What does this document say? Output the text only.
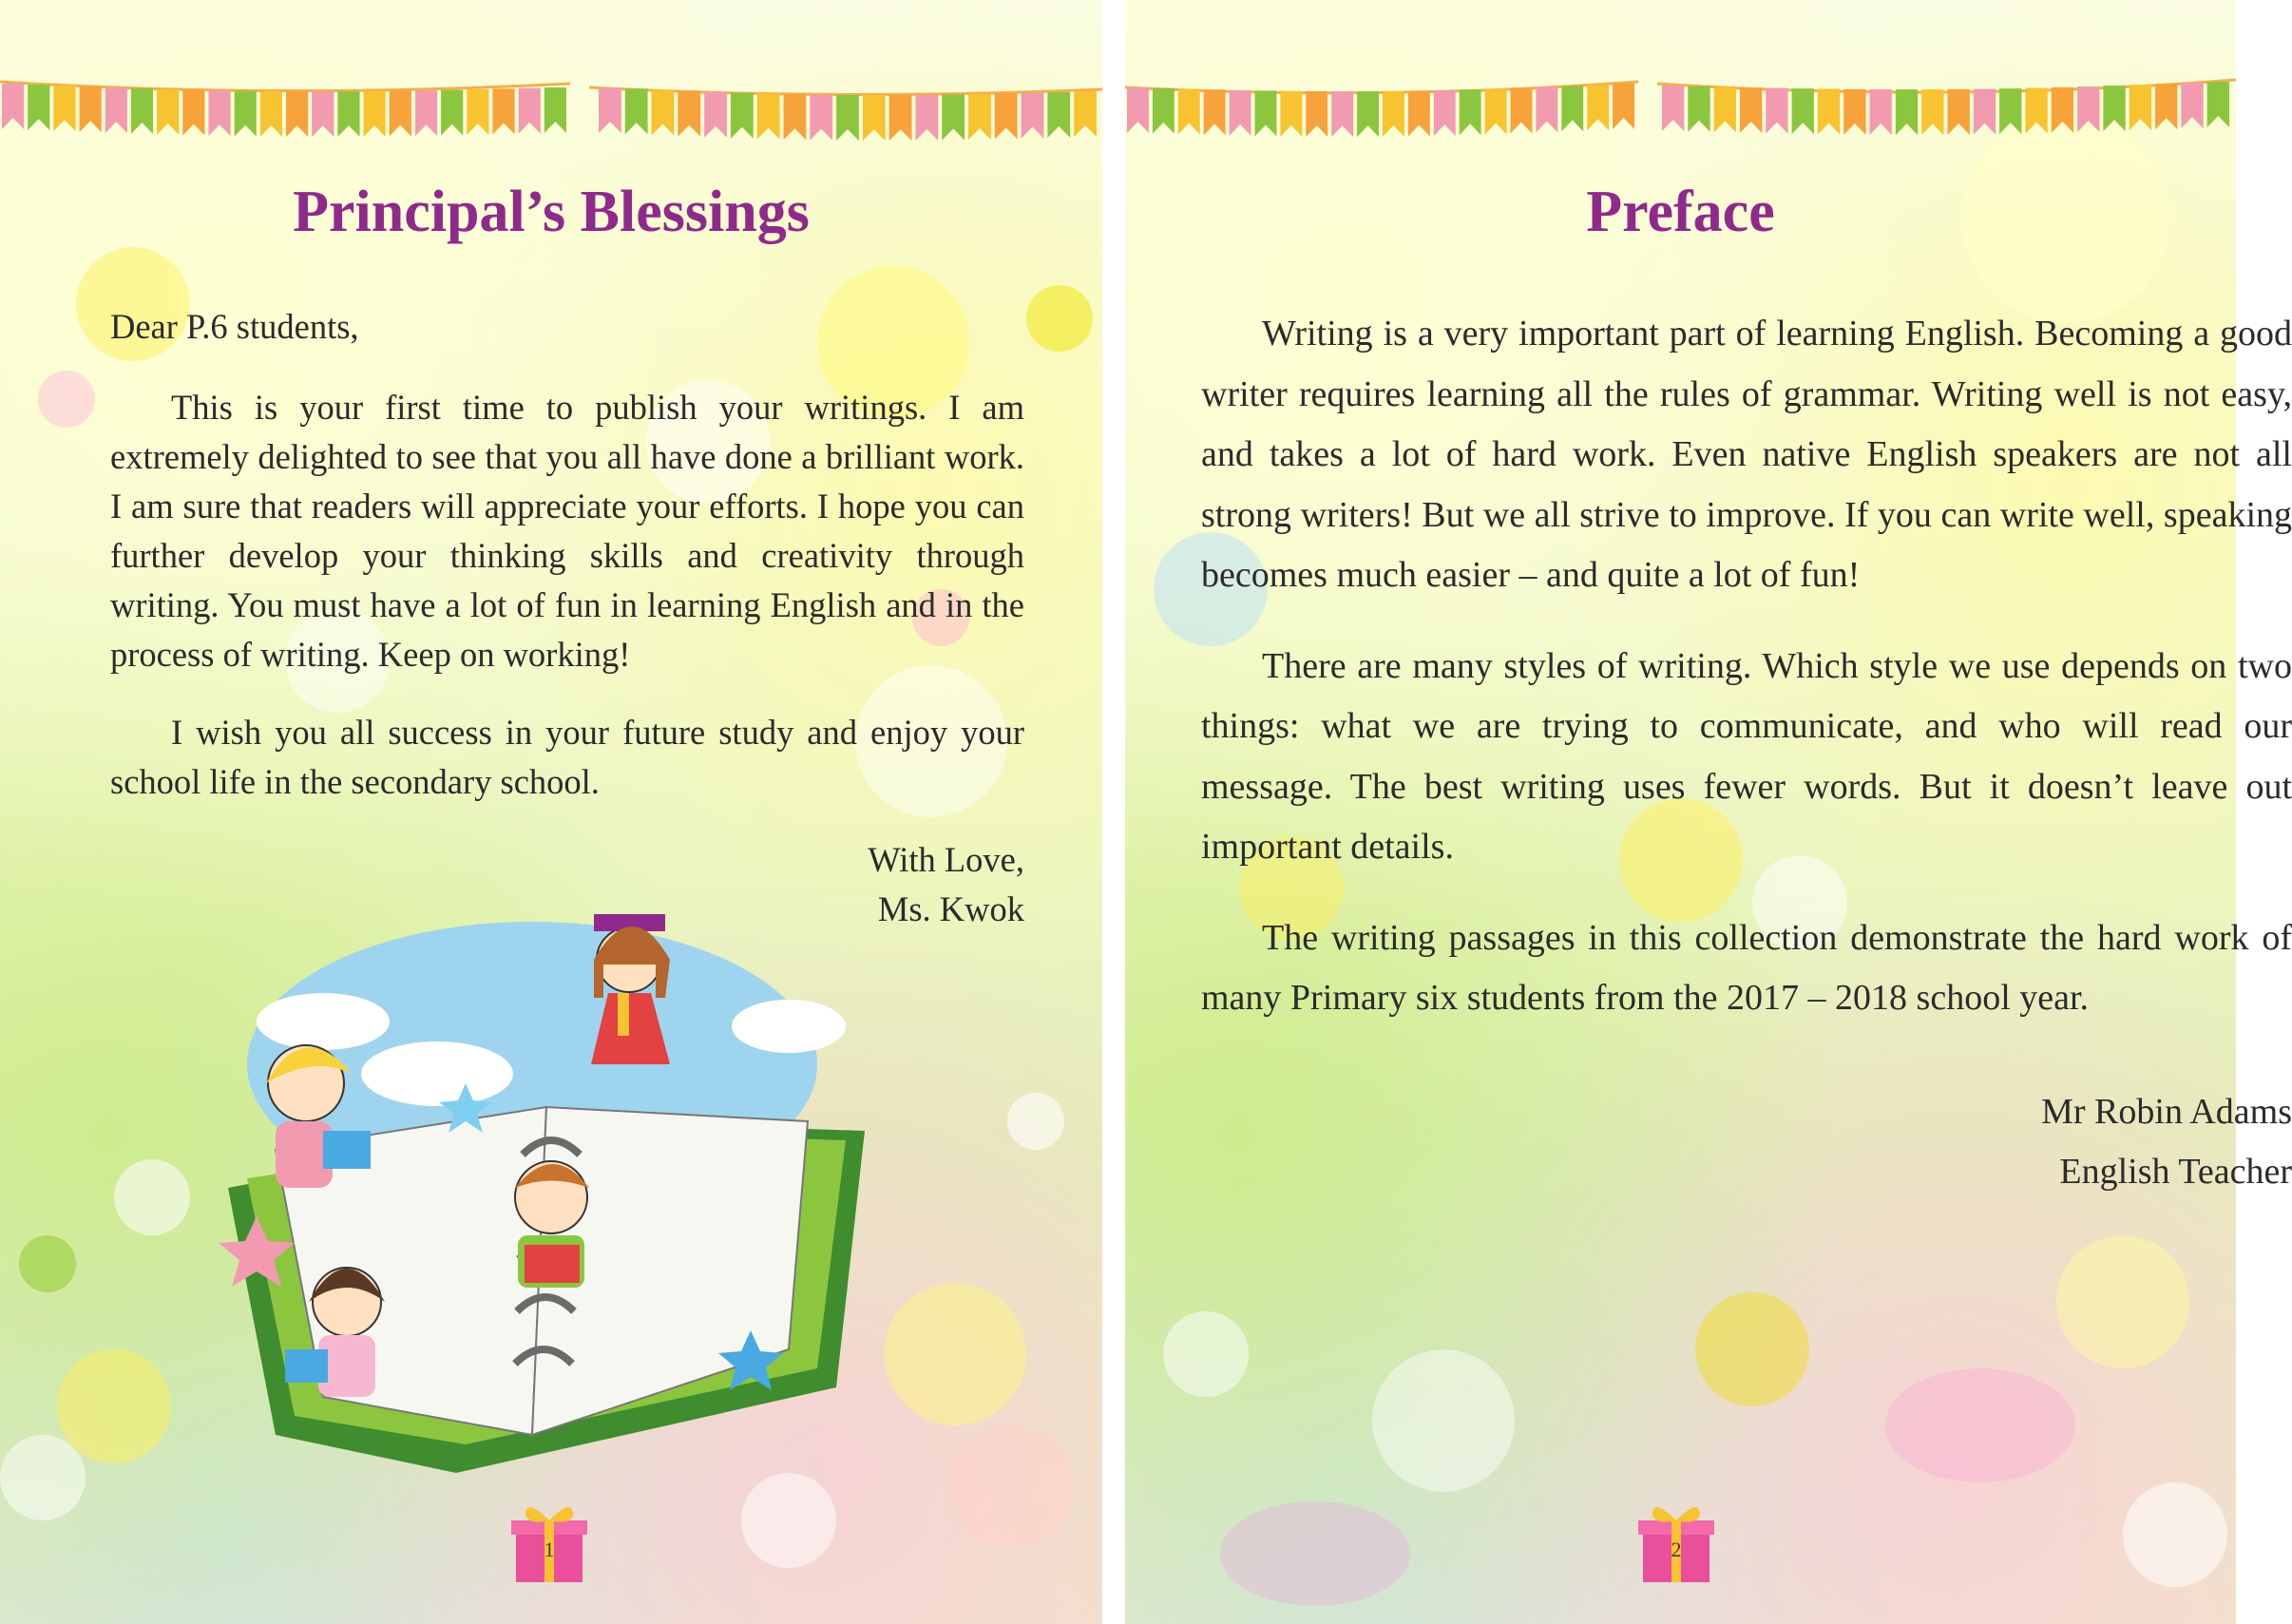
Principal’s Blessings

Dear P.6 students,

This is your first time to publish your writings. I am extremely delighted to see that you all have done a brilliant work. I am sure that readers will appreciate your efforts. I hope you can further develop your thinking skills and creativity through writing. You must have a lot of fun in learning English and in the process of writing. Keep on working!

I wish you all success in your future study and enjoy your school life in the secondary school.

With Love,

Ms. Kwok

1
Preface

Writing is a very important part of learning English. Becoming a good writer requires learning all the rules of grammar. Writing well is not easy, and takes a lot of hard work. Even native English speakers are not all strong writers! But we all strive to improve. If you can write well, speaking becomes much easier – and quite a lot of fun!

There are many styles of writing. Which style we use depends on two things: what we are trying to communicate, and who will read our message. The best writing uses fewer words. But it doesn’t leave out important details.

The writing passages in this collection demonstrate the hard work of many Primary six students from the 2017 – 2018 school year.

Mr Robin Adams

English Teacher

2
